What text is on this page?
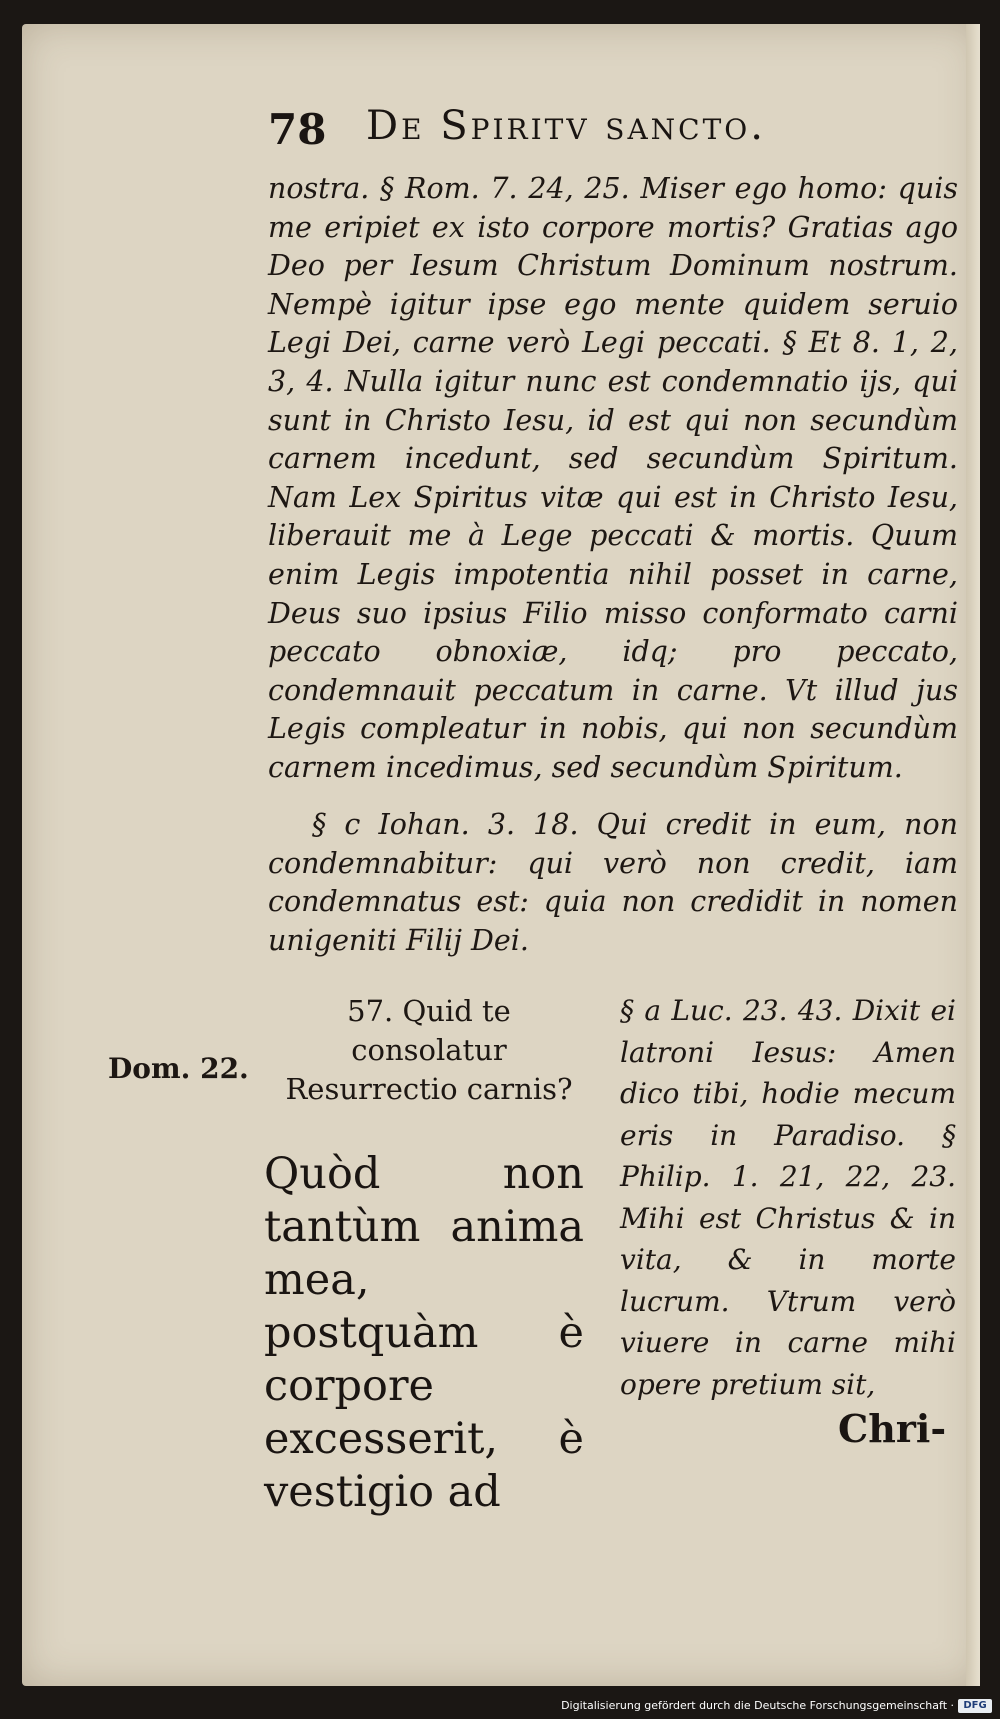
78 De Spiritv sancto.

nostra. § Rom. 7. 24, 25. Miser ego homo: quis me eripiet ex isto corpore mortis? Gratias ago Deo per Iesum Christum Dominum nostrum. Nempè igitur ipse ego mente quidem seruio Legi Dei, carne verò Legi peccati. § Et 8. 1, 2, 3, 4. Nulla igitur nunc est condemnatio ijs, qui sunt in Christo Iesu, id est qui non secundùm carnem incedunt, sed secundùm Spiritum. Nam Lex Spiritus vitæ qui est in Christo Iesu, liberauit me à Lege peccati & mortis. Quum enim Legis impotentia nihil posset in carne, Deus suo ipsius Filio misso conformato carni peccato obnoxiæ, idq; pro peccato, condemnauit peccatum in carne. Vt illud jus Legis compleatur in nobis, qui non secundùm carnem incedimus, sed secundùm Spiritum.

§ c Iohan. 3. 18. Qui credit in eum, non condemnabitur: qui verò non credit, iam condemnatus est: quia non credidit in nomen unigeniti Filij Dei.

Dom. 22.
57. Quid te consolatur Resurrectio carnis?
Quòd non tantùm anima mea, postquàm è corpore excesserit, è vestigio ad

§ a Luc. 23. 43. Dixit ei latroni Iesus: Amen dico tibi, hodie mecum eris in Paradiso. § Philip. 1. 21, 22, 23. Mihi est Christus & in vita, & in morte lucrum. Vtrum verò viuere in carne mihi opere pretium sit,

Chri-
Digitalisierung gefördert durch die Deutsche Forschungsgemeinschaft · DFG
